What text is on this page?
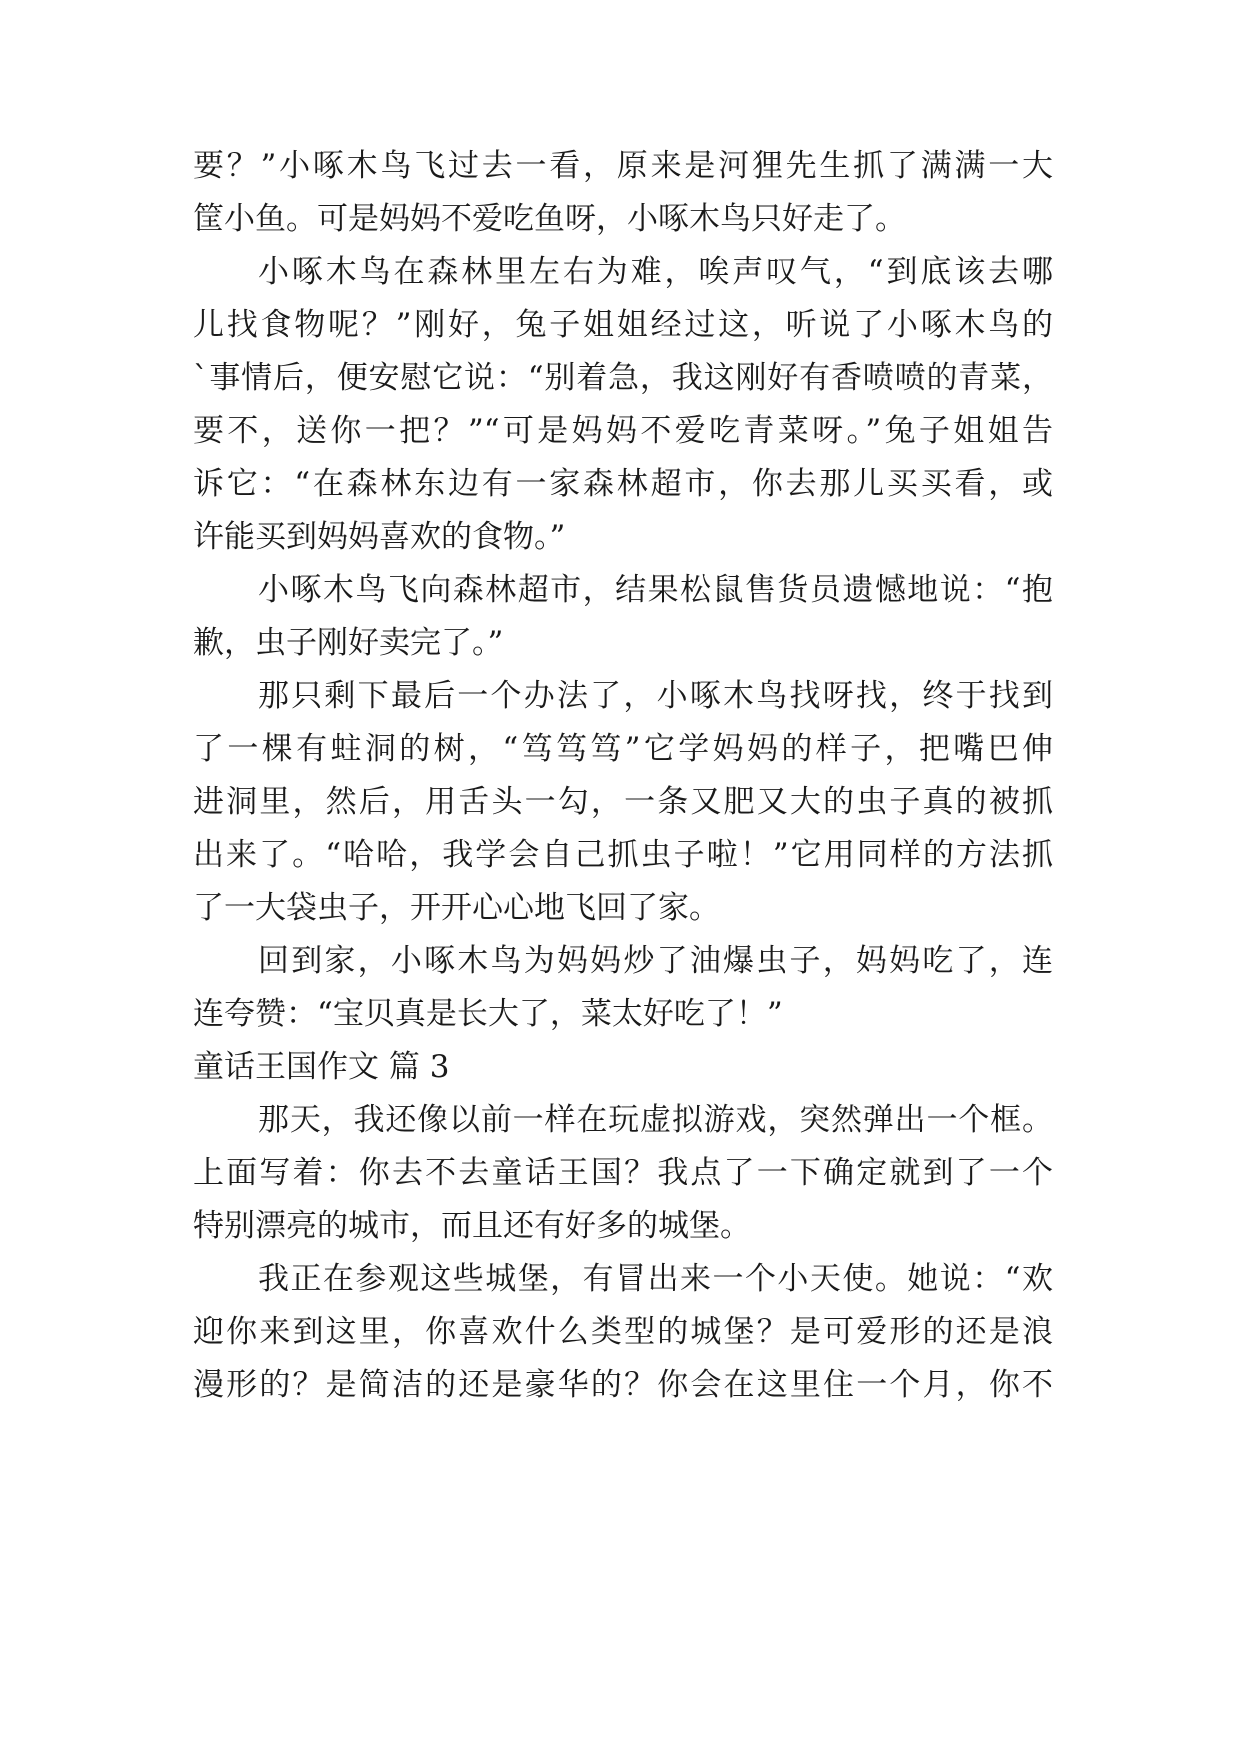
要？”小啄木鸟飞过去一看，原来是河狸先生抓了满满一大
筐小鱼。可是妈妈不爱吃鱼呀，小啄木鸟只好走了。
小啄木鸟在森林里左右为难，唉声叹气，“到底该去哪
儿找食物呢？”刚好，兔子姐姐经过这，听说了小啄木鸟的
`事情后，便安慰它说：“别着急，我这刚好有香喷喷的青菜，
要不，送你一把？”“可是妈妈不爱吃青菜呀。”兔子姐姐告
诉它：“在森林东边有一家森林超市，你去那儿买买看，或
许能买到妈妈喜欢的食物。”
小啄木鸟飞向森林超市，结果松鼠售货员遗憾地说：“抱
歉，虫子刚好卖完了。”
那只剩下最后一个办法了，小啄木鸟找呀找，终于找到
了一棵有蛀洞的树，“笃笃笃”它学妈妈的样子，把嘴巴伸
进洞里，然后，用舌头一勾，一条又肥又大的虫子真的被抓
出来了。“哈哈，我学会自己抓虫子啦！”它用同样的方法抓
了一大袋虫子，开开心心地飞回了家。
回到家，小啄木鸟为妈妈炒了油爆虫子，妈妈吃了，连
连夸赞：“宝贝真是长大了，菜太好吃了！”
童话王国作文 篇 3
那天，我还像以前一样在玩虚拟游戏，突然弹出一个框。
上面写着：你去不去童话王国？我点了一下确定就到了一个
特别漂亮的城市，而且还有好多的城堡。
我正在参观这些城堡，有冒出来一个小天使。她说：“欢
迎你来到这里，你喜欢什么类型的城堡？是可爱形的还是浪
漫形的？是简洁的还是豪华的？你会在这里住一个月，你不
